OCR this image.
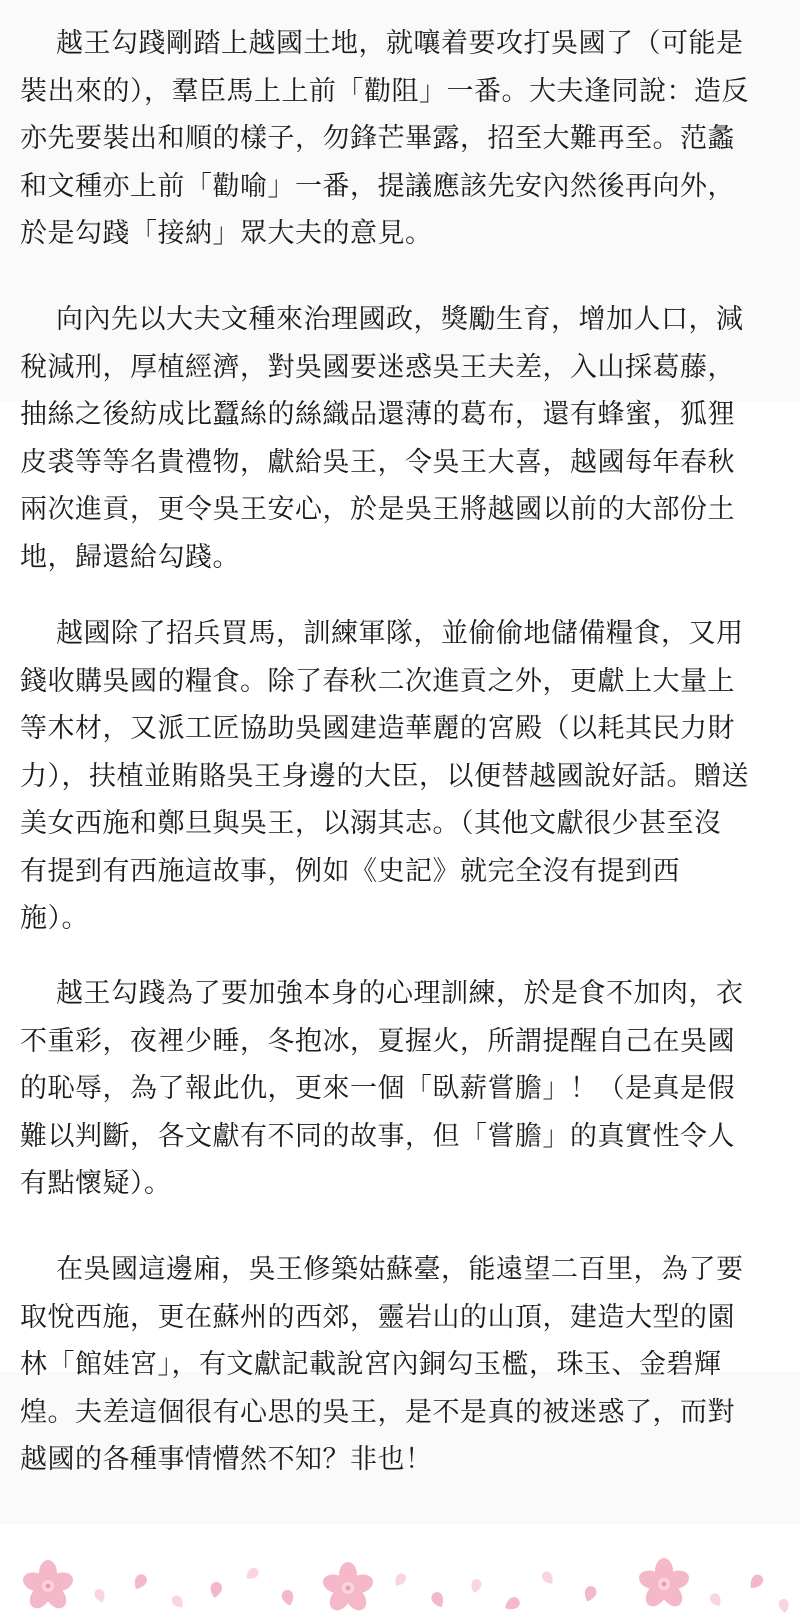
越王勾踐剛踏上越國土地，就嚷着要攻打吳國了（可能是
裝出來的），羣臣馬上上前「勸阻」一番。大夫逢同說：造反
亦先要裝出和順的樣子，勿鋒芒畢露，招至大難再至。范蠡
和文種亦上前「勸喻」一番，提議應該先安內然後再向外，
於是勾踐「接納」眾大夫的意見。

向內先以大夫文種來治理國政，獎勵生育，增加人口，減
稅減刑，厚植經濟，對吳國要迷惑吳王夫差，入山採葛藤，
抽絲之後紡成比蠶絲的絲織品還薄的葛布，還有蜂蜜，狐狸
皮裘等等名貴禮物，獻給吳王，令吳王大喜，越國每年春秋
兩次進貢，更令吳王安心，於是吳王將越國以前的大部份土
地，歸還給勾踐。

越國除了招兵買馬，訓練軍隊，並偷偷地儲備糧食，又用
錢收購吳國的糧食。除了春秋二次進貢之外，更獻上大量上
等木材，又派工匠協助吳國建造華麗的宮殿（以耗其民力財
力），扶植並賄賂吳王身邊的大臣，以便替越國說好話。贈送
美女西施和鄭旦與吳王，以溺其志。（其他文獻很少甚至沒
有提到有西施這故事，例如《史記》就完全沒有提到西
施）。

越王勾踐為了要加強本身的心理訓練，於是食不加肉，衣
不重彩，夜裡少睡，冬抱冰，夏握火，所謂提醒自己在吳國
的恥辱，為了報此仇，更來一個「臥薪嘗膽」！（是真是假
難以判斷，各文獻有不同的故事，但「嘗膽」的真實性令人
有點懷疑）。

在吳國這邊廂，吳王修築姑蘇臺，能遠望二百里，為了要
取悅西施，更在蘇州的西郊，靈岩山的山頂，建造大型的園
林「館娃宮」，有文獻記載說宮內銅勾玉檻，珠玉、金碧輝
煌。夫差這個很有心思的吳王，是不是真的被迷惑了，而對
越國的各種事情懵然不知？非也！
